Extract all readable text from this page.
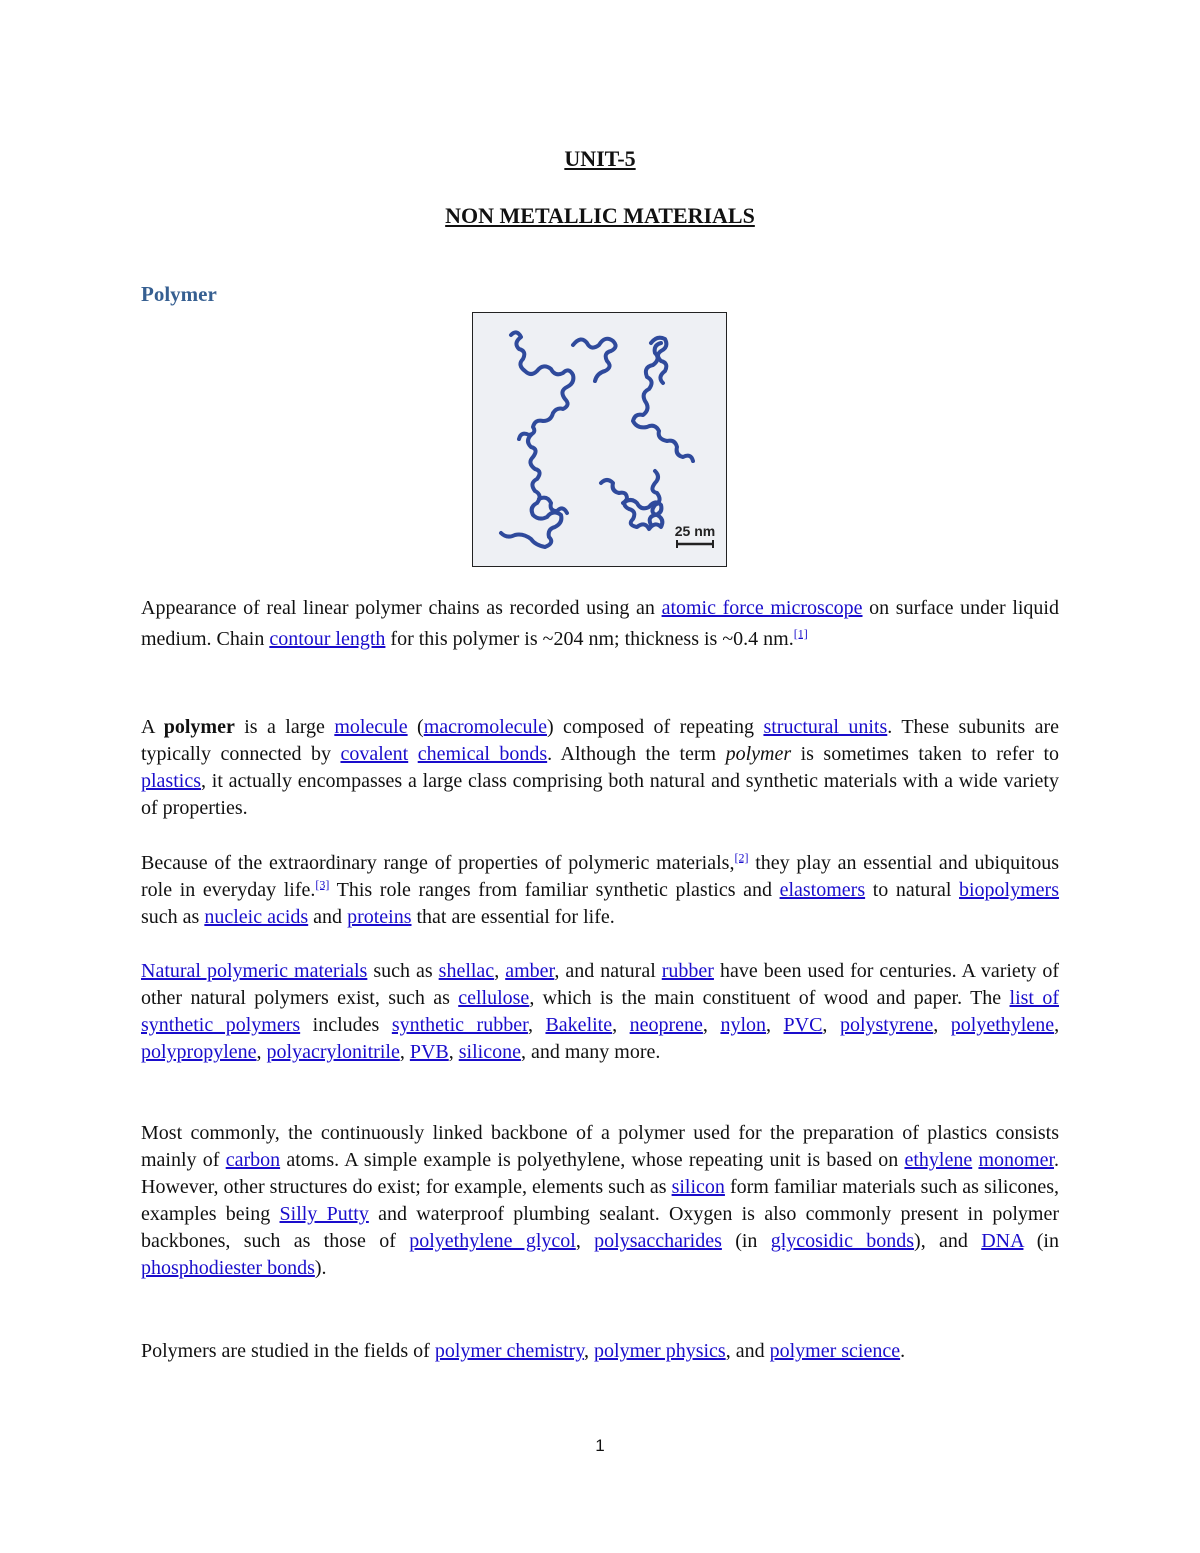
UNIT-5
NON METALLIC MATERIALS
Polymer
25 nm
Appearance of real linear polymer chains as recorded using an atomic force microscope on surface under liquid medium. Chain contour length for this polymer is ~204 nm; thickness is ~0.4 nm.[1]
A polymer is a large molecule (macromolecule) composed of repeating structural units. These subunits are typically connected by covalent chemical bonds. Although the term polymer is sometimes taken to refer to plastics, it actually encompasses a large class comprising both natural and synthetic materials with a wide variety of properties.
Because of the extraordinary range of properties of polymeric materials,[2] they play an essential and ubiquitous role in everyday life.[3] This role ranges from familiar synthetic plastics and elastomers to natural biopolymers such as nucleic acids and proteins that are essential for life.
Natural polymeric materials such as shellac, amber, and natural rubber have been used for centuries. A variety of other natural polymers exist, such as cellulose, which is the main constituent of wood and paper. The list of synthetic polymers includes synthetic rubber, Bakelite, neoprene, nylon, PVC, polystyrene, polyethylene, polypropylene, polyacrylonitrile, PVB, silicone, and many more.
Most commonly, the continuously linked backbone of a polymer used for the preparation of plastics consists mainly of carbon atoms. A simple example is polyethylene, whose repeating unit is based on ethylene monomer. However, other structures do exist; for example, elements such as silicon form familiar materials such as silicones, examples being Silly Putty and waterproof plumbing sealant. Oxygen is also commonly present in polymer backbones, such as those of polyethylene glycol, polysaccharides (in glycosidic bonds), and DNA (in phosphodiester bonds).
Polymers are studied in the fields of polymer chemistry, polymer physics, and polymer science.
1
